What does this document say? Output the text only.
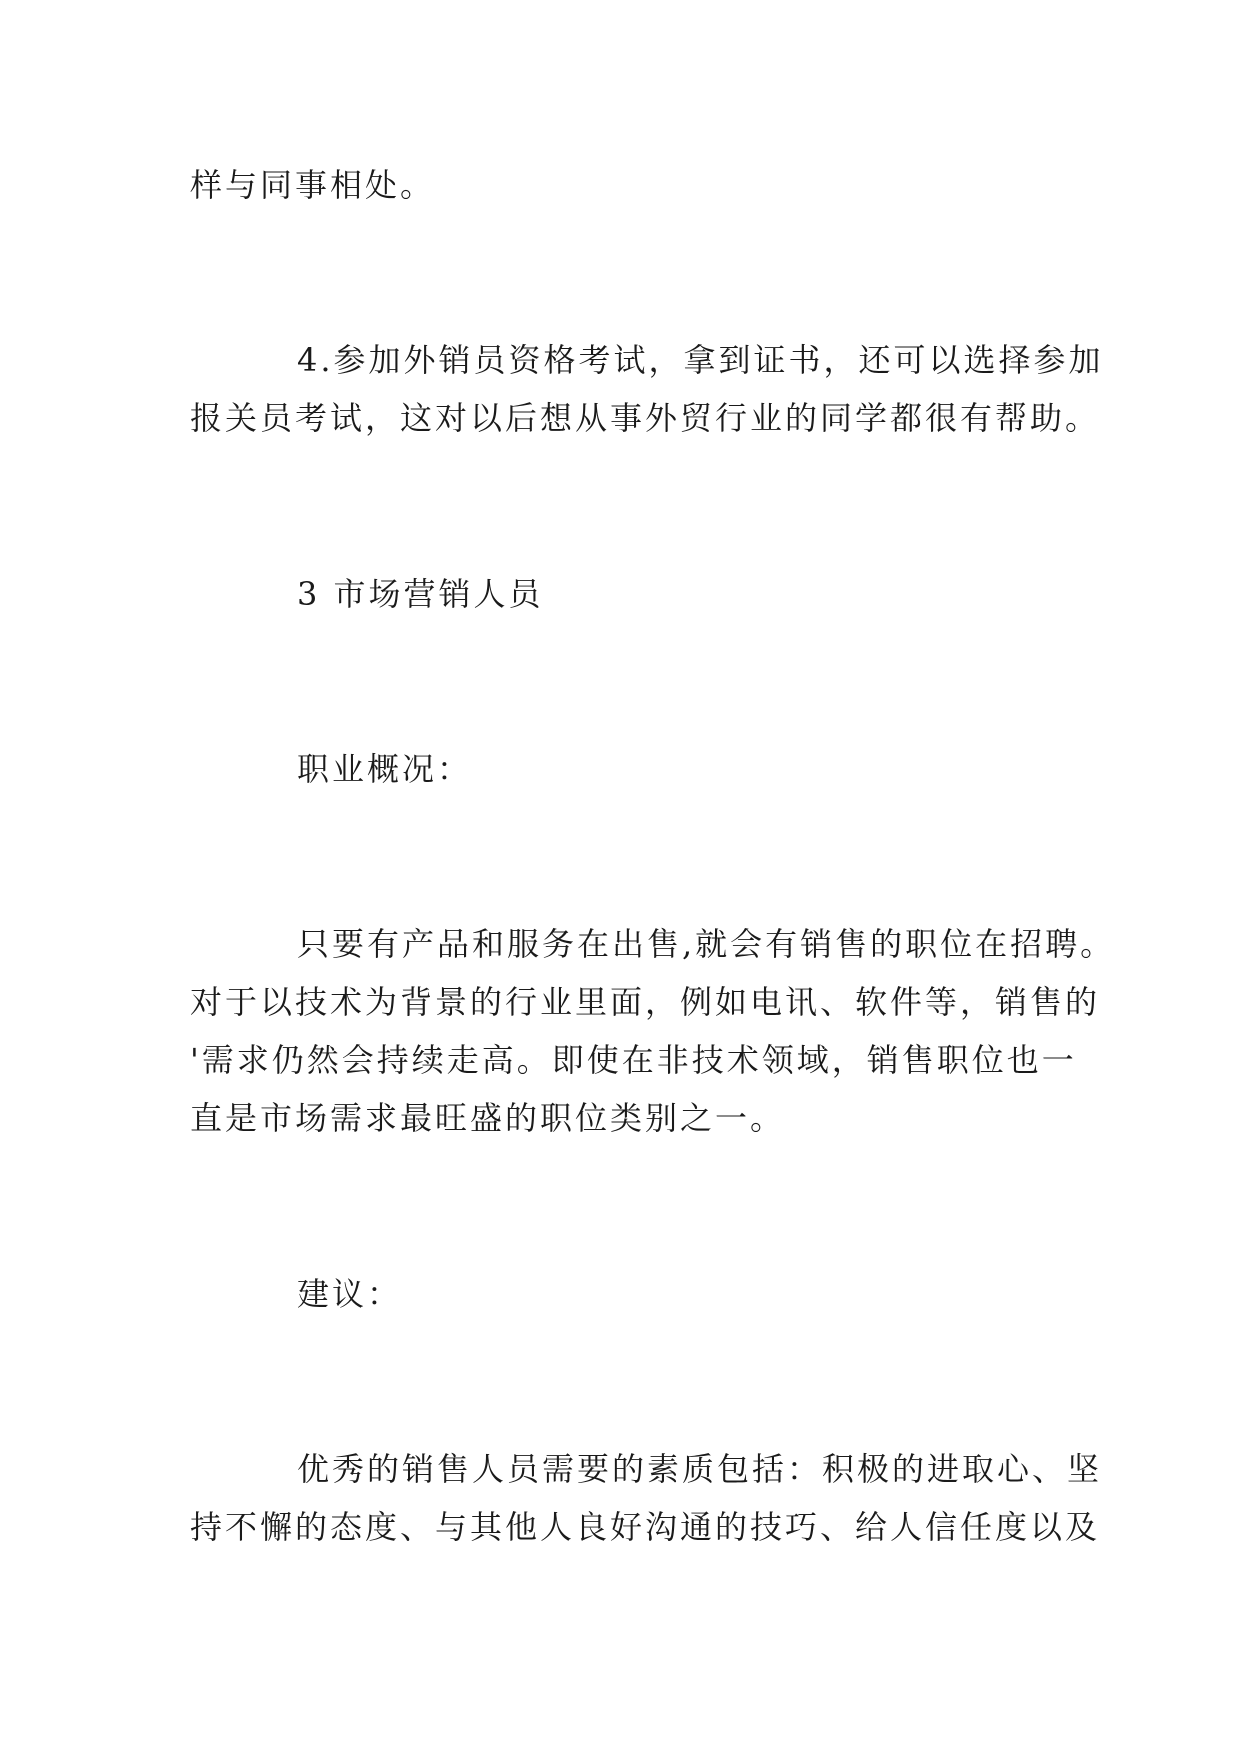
样与同事相处。
4.参加外销员资格考试，拿到证书，还可以选择参加
报关员考试，这对以后想从事外贸行业的同学都很有帮助。
3 市场营销人员
职业概况：
只要有产品和服务在出售,就会有销售的职位在招聘。
对于以技术为背景的行业里面，例如电讯、软件等，销售的
'需求仍然会持续走高。即使在非技术领域，销售职位也一
直是市场需求最旺盛的职位类别之一。
建议：
优秀的销售人员需要的素质包括：积极的进取心、坚
持不懈的态度、与其他人良好沟通的技巧、给人信任度以及
